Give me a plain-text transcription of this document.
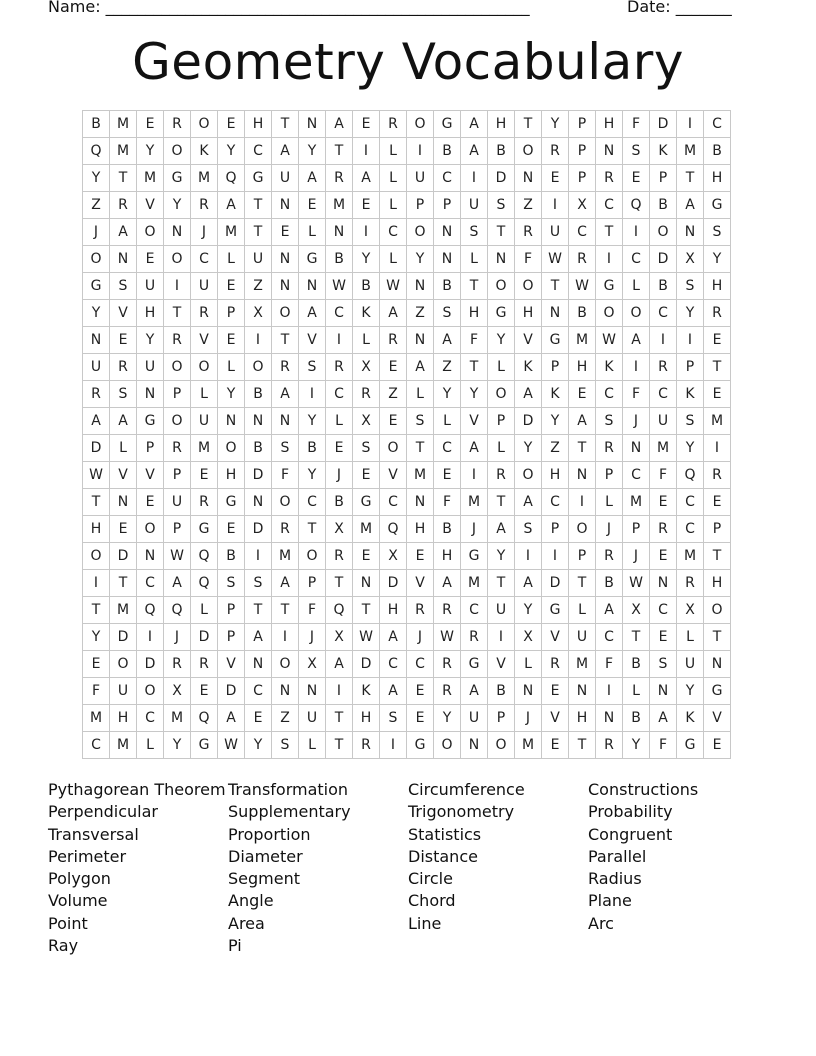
Name: _____________________________________________________	Date: _______
Geometry Vocabulary
B	M	E	R	O	E	H	T	N	A	E	R	O	G	A	H	T	Y	P	H	F	D	I	C
Q	M	Y	O	K	Y	C	A	Y	T	I	L	I	B	A	B	O	R	P	N	S	K	M	B
Y	T	M	G	M	Q	G	U	A	R	A	L	U	C	I	D	N	E	P	R	E	P	T	H
Z	R	V	Y	R	A	T	N	E	M	E	L	P	P	U	S	Z	I	X	C	Q	B	A	G
J	A	O	N	J	M	T	E	L	N	I	C	O	N	S	T	R	U	C	T	I	O	N	S
O	N	E	O	C	L	U	N	G	B	Y	L	Y	N	L	N	F	W	R	I	C	D	X	Y
G	S	U	I	U	E	Z	N	N	W	B	W	N	B	T	O	O	T	W	G	L	B	S	H
Y	V	H	T	R	P	X	O	A	C	K	A	Z	S	H	G	H	N	B	O	O	C	Y	R
N	E	Y	R	V	E	I	T	V	I	L	R	N	A	F	Y	V	G	M	W	A	I	I	E
U	R	U	O	O	L	O	R	S	R	X	E	A	Z	T	L	K	P	H	K	I	R	P	T
R	S	N	P	L	Y	B	A	I	C	R	Z	L	Y	Y	O	A	K	E	C	F	C	K	E
A	A	G	O	U	N	N	N	Y	L	X	E	S	L	V	P	D	Y	A	S	J	U	S	M
D	L	P	R	M	O	B	S	B	E	S	O	T	C	A	L	Y	Z	T	R	N	M	Y	I
W	V	V	P	E	H	D	F	Y	J	E	V	M	E	I	R	O	H	N	P	C	F	Q	R
T	N	E	U	R	G	N	O	C	B	G	C	N	F	M	T	A	C	I	L	M	E	C	E
H	E	O	P	G	E	D	R	T	X	M	Q	H	B	J	A	S	P	O	J	P	R	C	P
O	D	N	W	Q	B	I	M	O	R	E	X	E	H	G	Y	I	I	P	R	J	E	M	T
I	T	C	A	Q	S	S	A	P	T	N	D	V	A	M	T	A	D	T	B	W	N	R	H
T	M	Q	Q	L	P	T	T	F	Q	T	H	R	R	C	U	Y	G	L	A	X	C	X	O
Y	D	I	J	D	P	A	I	J	X	W	A	J	W	R	I	X	V	U	C	T	E	L	T
E	O	D	R	R	V	N	O	X	A	D	C	C	R	G	V	L	R	M	F	B	S	U	N
F	U	O	X	E	D	C	N	N	I	K	A	E	R	A	B	N	E	N	I	L	N	Y	G
M	H	C	M	Q	A	E	Z	U	T	H	S	E	Y	U	P	J	V	H	N	B	A	K	V
C	M	L	Y	G	W	Y	S	L	T	R	I	G	O	N	O	M	E	T	R	Y	F	G	E
Pythagorean Theorem
Perpendicular
Transversal
Perimeter
Polygon
Volume
Point
Ray
Transformation
Supplementary
Proportion
Diameter
Segment
Angle
Area
Pi
Circumference
Trigonometry
Statistics
Distance
Circle
Chord
Line
Constructions
Probability
Congruent
Parallel
Radius
Plane
Arc
